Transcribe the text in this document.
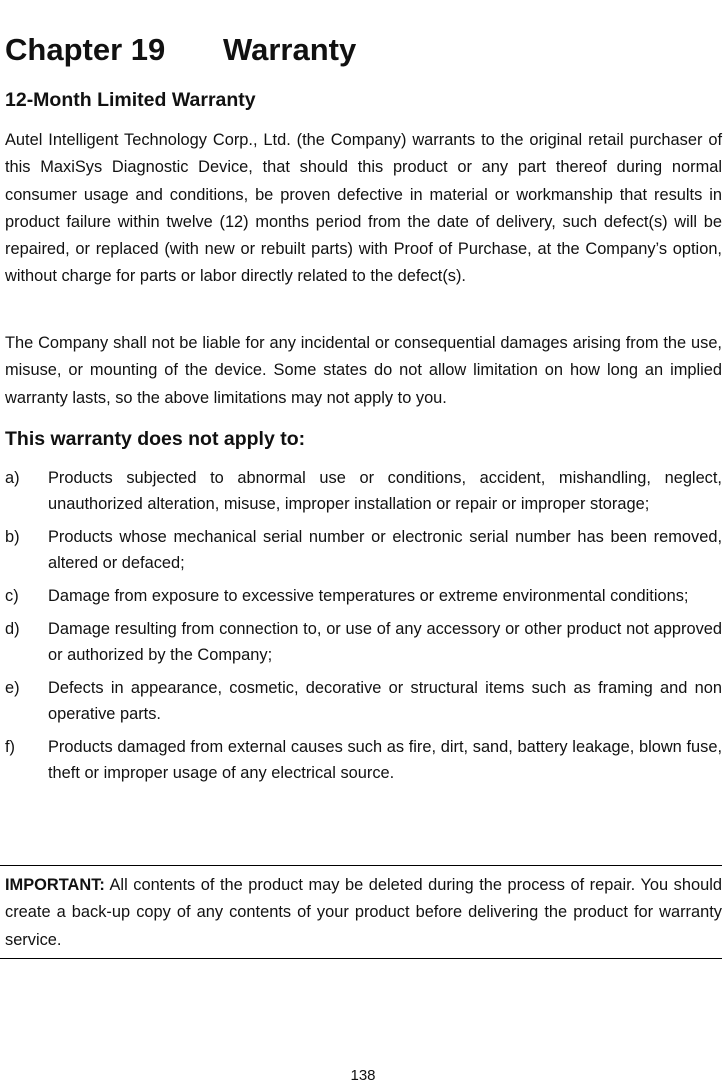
Chapter 19 Warranty
12-Month Limited Warranty

Autel Intelligent Technology Corp., Ltd. (the Company) warrants to the original retail purchaser of this MaxiSys Diagnostic Device, that should this product or any part thereof during normal consumer usage and conditions, be proven defective in material or workmanship that results in product failure within twelve (12) months period from the date of delivery, such defect(s) will be repaired, or replaced (with new or rebuilt parts) with Proof of Purchase, at the Company’s option, without charge for parts or labor directly related to the defect(s).

The Company shall not be liable for any incidental or consequential damages arising from the use, misuse, or mounting of the device. Some states do not allow limitation on how long an implied warranty lasts, so the above limitations may not apply to you.

This warranty does not apply to:
a) Products subjected to abnormal use or conditions, accident, mishandling, neglect, unauthorized alteration, misuse, improper installation or repair or improper storage;
b) Products whose mechanical serial number or electronic serial number has been removed, altered or defaced;
c) Damage from exposure to excessive temperatures or extreme environmental conditions;
d) Damage resulting from connection to, or use of any accessory or other product not approved or authorized by the Company;
e) Defects in appearance, cosmetic, decorative or structural items such as framing and non operative parts.
f) Products damaged from external causes such as fire, dirt, sand, battery leakage, blown fuse, theft or improper usage of any electrical source.
IMPORTANT: All contents of the product may be deleted during the process of repair. You should create a back-up copy of any contents of your product before delivering the product for warranty service.
138
